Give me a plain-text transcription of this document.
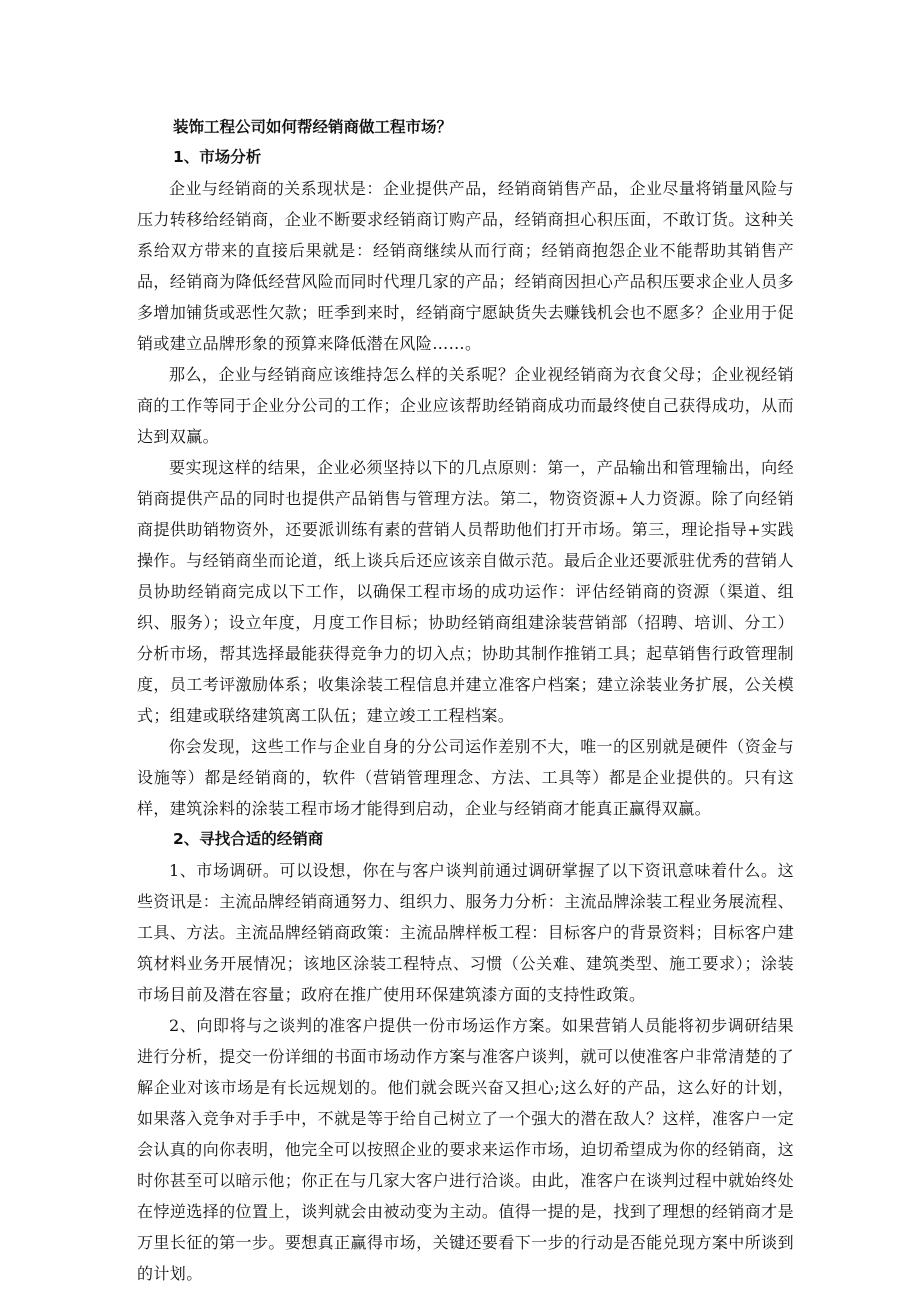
装饰工程公司如何帮经销商做工程市场？
1、市场分析

企业与经销商的关系现状是：企业提供产品，经销商销售产品，企业尽量将销量风险与压力转移给经销商，企业不断要求经销商订购产品，经销商担心积压面，不敢订货。这种关系给双方带来的直接后果就是：经销商继续从而行商；经销商抱怨企业不能帮助其销售产品，经销商为降低经营风险而同时代理几家的产品；经销商因担心产品积压要求企业人员多多增加铺货或恶性欠款；旺季到来时，经销商宁愿缺货失去赚钱机会也不愿多？企业用于促销或建立品牌形象的预算来降低潜在风险……。

那么，企业与经销商应该维持怎么样的关系呢？企业视经销商为衣食父母；企业视经销商的工作等同于企业分公司的工作；企业应该帮助经销商成功而最终使自己获得成功，从而达到双赢。

要实现这样的结果，企业必须坚持以下的几点原则：第一，产品输出和管理输出，向经销商提供产品的同时也提供产品销售与管理方法。第二，物资资源+人力资源。除了向经销商提供助销物资外，还要派训练有素的营销人员帮助他们打开市场。第三，理论指导+实践操作。与经销商坐而论道，纸上谈兵后还应该亲自做示范。最后企业还要派驻优秀的营销人员协助经销商完成以下工作，以确保工程市场的成功运作：评估经销商的资源（渠道、组织、服务）；设立年度，月度工作目标；协助经销商组建涂装营销部（招聘、培训、分工）分析市场，帮其选择最能获得竞争力的切入点；协助其制作推销工具；起草销售行政管理制度，员工考评激励体系；收集涂装工程信息并建立准客户档案；建立涂装业务扩展，公关模式；组建或联络建筑离工队伍；建立竣工工程档案。

你会发现，这些工作与企业自身的分公司运作差别不大，唯一的区别就是硬件（资金与设施等）都是经销商的，软件（营销管理理念、方法、工具等）都是企业提供的。只有这样，建筑涂料的涂装工程市场才能得到启动，企业与经销商才能真正赢得双赢。

2、寻找合适的经销商

1、市场调研。可以设想，你在与客户谈判前通过调研掌握了以下资讯意味着什么。这些资讯是：主流品牌经销商通努力、组织力、服务力分析：主流品牌涂装工程业务展流程、工具、方法。主流品牌经销商政策：主流品牌样板工程：目标客户的背景资料；目标客户建筑材料业务开展情况；该地区涂装工程特点、习惯（公关难、建筑类型、施工要求）；涂装市场目前及潜在容量；政府在推广使用环保建筑漆方面的支持性政策。

2、向即将与之谈判的准客户提供一份市场运作方案。如果营销人员能将初步调研结果进行分析，提交一份详细的书面市场动作方案与准客户谈判，就可以使准客户非常清楚的了解企业对该市场是有长远规划的。他们就会既兴奋又担心;这么好的产品，这么好的计划，如果落入竞争对手手中，不就是等于给自己树立了一个强大的潜在敌人？这样，准客户一定会认真的向你表明，他完全可以按照企业的要求来运作市场，迫切希望成为你的经销商，这时你甚至可以暗示他；你正在与几家大客户进行洽谈。由此，准客户在谈判过程中就始终处在悖逆选择的位置上，谈判就会由被动变为主动。值得一提的是，找到了理想的经销商才是万里长征的第一步。要想真正赢得市场，关键还要看下一步的行动是否能兑现方案中所谈到的计划。
